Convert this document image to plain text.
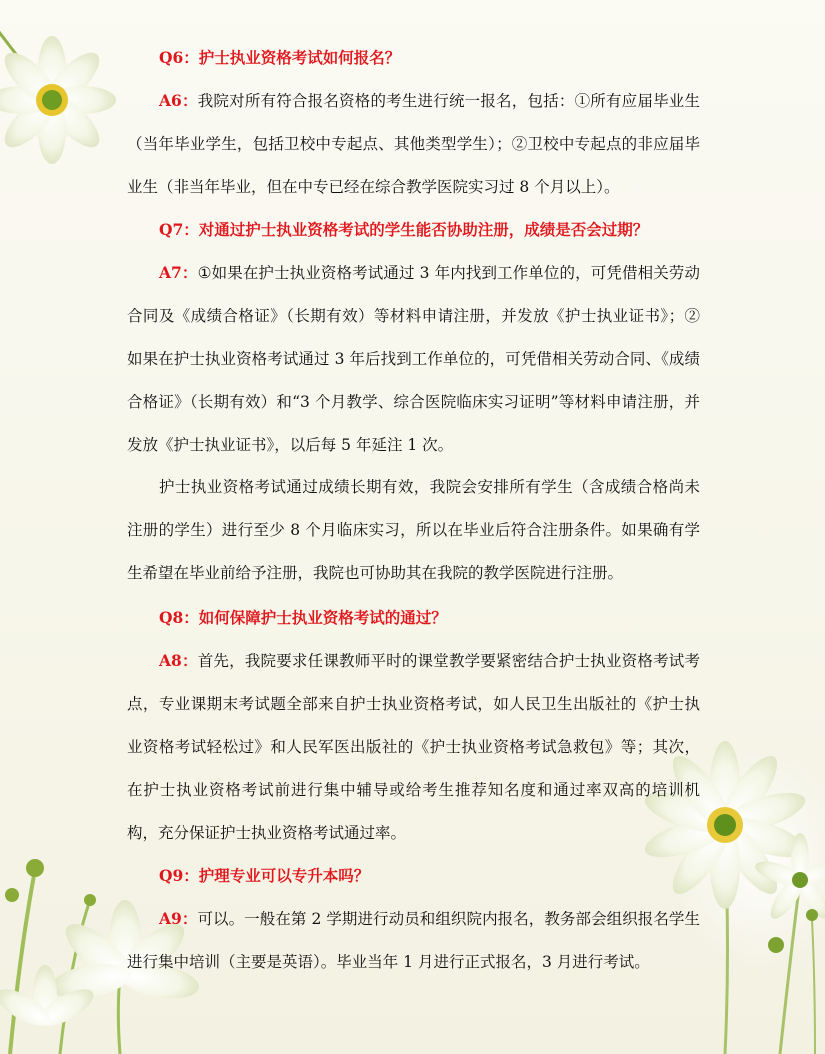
Q6：护士执业资格考试如何报名？

A6：我院对所有符合报名资格的考生进行统一报名，包括：①所有应届毕业生（当年毕业学生，包括卫校中专起点、其他类型学生）；②卫校中专起点的非应届毕业生（非当年毕业，但在中专已经在综合教学医院实习过 8 个月以上）。

Q7：对通过护士执业资格考试的学生能否协助注册，成绩是否会过期？

A7：①如果在护士执业资格考试通过 3 年内找到工作单位的，可凭借相关劳动合同及《成绩合格证》（长期有效）等材料申请注册，并发放《护士执业证书》；②如果在护士执业资格考试通过 3 年后找到工作单位的，可凭借相关劳动合同、《成绩合格证》（长期有效）和“3 个月教学、综合医院临床实习证明”等材料申请注册，并发放《护士执业证书》，以后每 5 年延注 1 次。

护士执业资格考试通过成绩长期有效，我院会安排所有学生（含成绩合格尚未注册的学生）进行至少 8 个月临床实习，所以在毕业后符合注册条件。如果确有学生希望在毕业前给予注册，我院也可协助其在我院的教学医院进行注册。

Q8：如何保障护士执业资格考试的通过？

A8：首先，我院要求任课教师平时的课堂教学要紧密结合护士执业资格考试考点，专业课期末考试题全部来自护士执业资格考试，如人民卫生出版社的《护士执业资格考试轻松过》和人民军医出版社的《护士执业资格考试急救包》等；其次，在护士执业资格考试前进行集中辅导或给考生推荐知名度和通过率双高的培训机构，充分保证护士执业资格考试通过率。

Q9：护理专业可以专升本吗？

A9：可以。一般在第 2 学期进行动员和组织院内报名，教务部会组织报名学生进行集中培训（主要是英语）。毕业当年 1 月进行正式报名，3 月进行考试。
